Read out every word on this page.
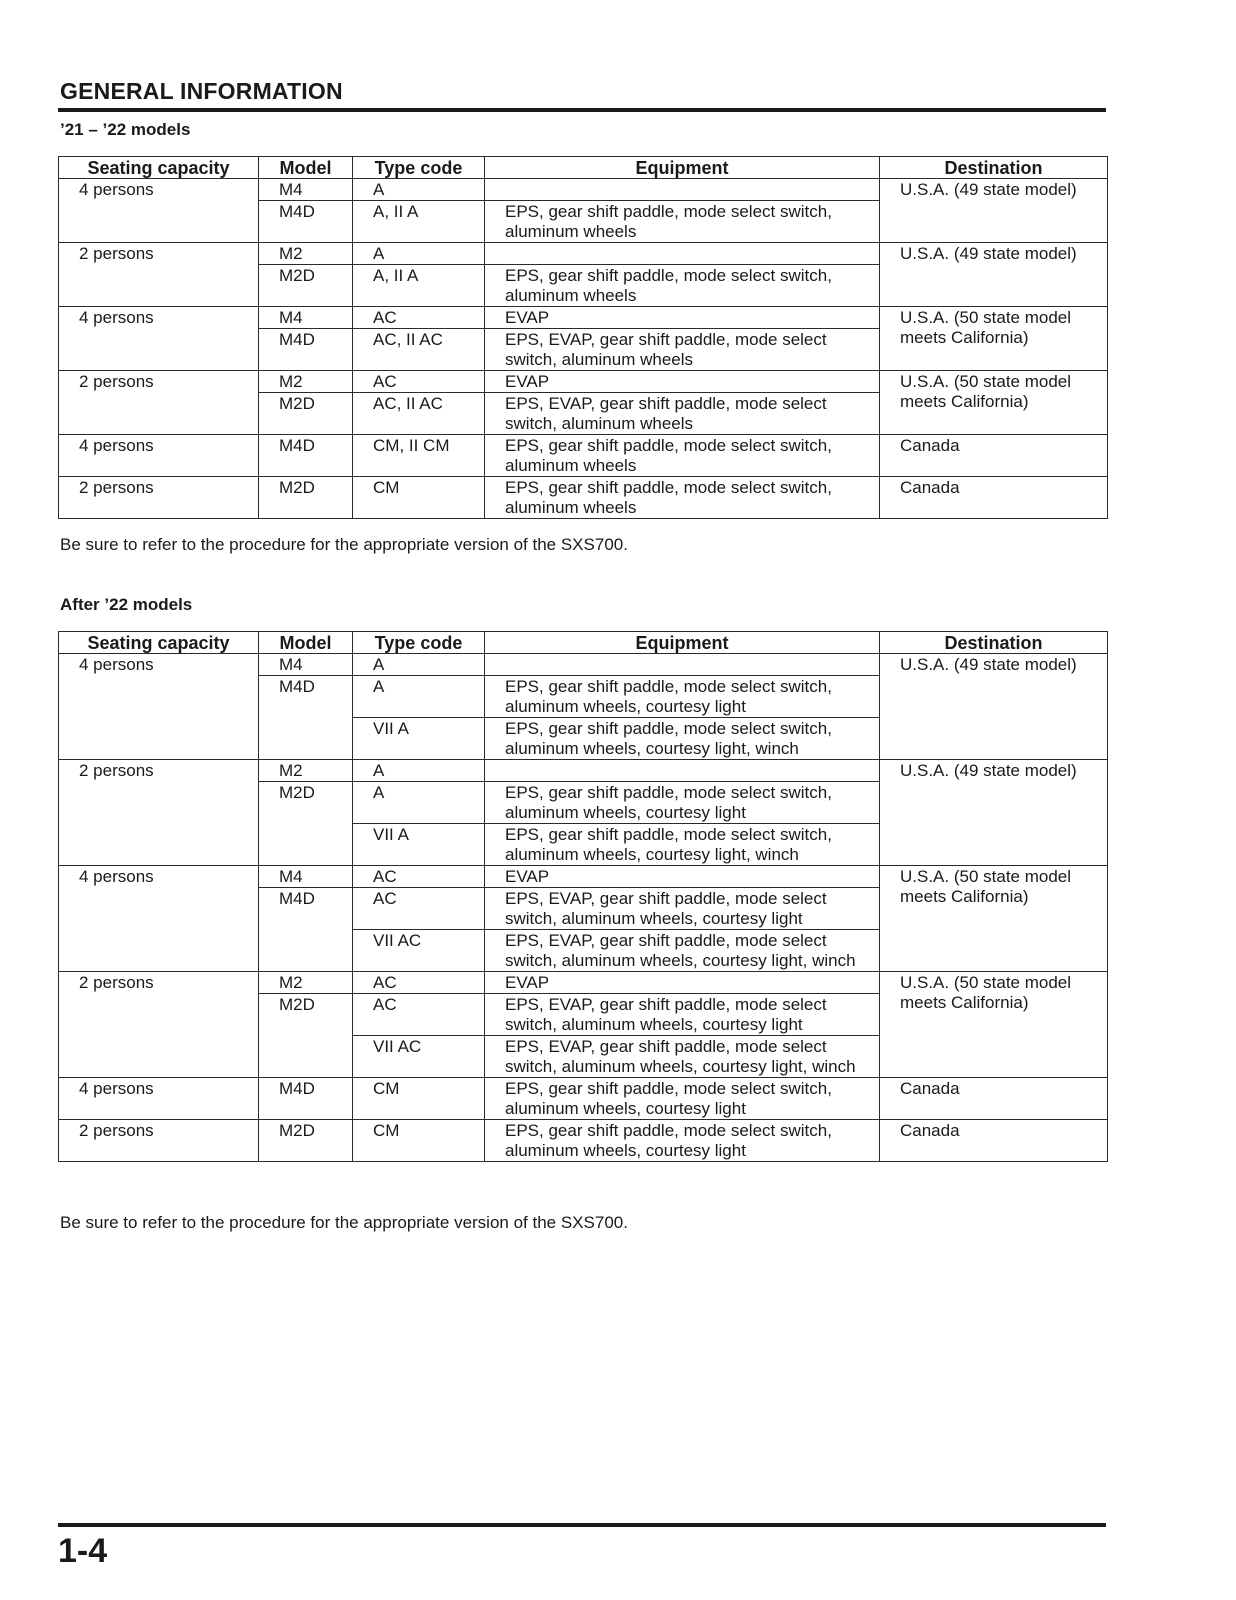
GENERAL INFORMATION
’21 – ’22 models
Seating capacity	Model	Type code	Equipment	Destination
4 persons	M4	A		U.S.A. (49 state model)
	M4D	A, II A	EPS, gear shift paddle, mode select switch, aluminum wheels	
2 persons	M2	A		U.S.A. (49 state model)
	M2D	A, II A	EPS, gear shift paddle, mode select switch, aluminum wheels	
4 persons	M4	AC	EVAP	U.S.A. (50 state model meets California)
	M4D	AC, II AC	EPS, EVAP, gear shift paddle, mode select switch, aluminum wheels	
2 persons	M2	AC	EVAP	U.S.A. (50 state model meets California)
	M2D	AC, II AC	EPS, EVAP, gear shift paddle, mode select switch, aluminum wheels	
4 persons	M4D	CM, II CM	EPS, gear shift paddle, mode select switch, aluminum wheels	Canada
2 persons	M2D	CM	EPS, gear shift paddle, mode select switch, aluminum wheels	Canada
Be sure to refer to the procedure for the appropriate version of the SXS700.
After ’22 models
Seating capacity	Model	Type code	Equipment	Destination
4 persons	M4	A		U.S.A. (49 state model)
	M4D	A	EPS, gear shift paddle, mode select switch, aluminum wheels, courtesy light	
		VII A	EPS, gear shift paddle, mode select switch, aluminum wheels, courtesy light, winch	
2 persons	M2	A		U.S.A. (49 state model)
	M2D	A	EPS, gear shift paddle, mode select switch, aluminum wheels, courtesy light	
		VII A	EPS, gear shift paddle, mode select switch, aluminum wheels, courtesy light, winch	
4 persons	M4	AC	EVAP	U.S.A. (50 state model meets California)
	M4D	AC	EPS, EVAP, gear shift paddle, mode select switch, aluminum wheels, courtesy light	
		VII AC	EPS, EVAP, gear shift paddle, mode select switch, aluminum wheels, courtesy light, winch	
2 persons	M2	AC	EVAP	U.S.A. (50 state model meets California)
	M2D	AC	EPS, EVAP, gear shift paddle, mode select switch, aluminum wheels, courtesy light	
		VII AC	EPS, EVAP, gear shift paddle, mode select switch, aluminum wheels, courtesy light, winch	
4 persons	M4D	CM	EPS, gear shift paddle, mode select switch, aluminum wheels, courtesy light	Canada
2 persons	M2D	CM	EPS, gear shift paddle, mode select switch, aluminum wheels, courtesy light	Canada
Be sure to refer to the procedure for the appropriate version of the SXS700.
1-4
